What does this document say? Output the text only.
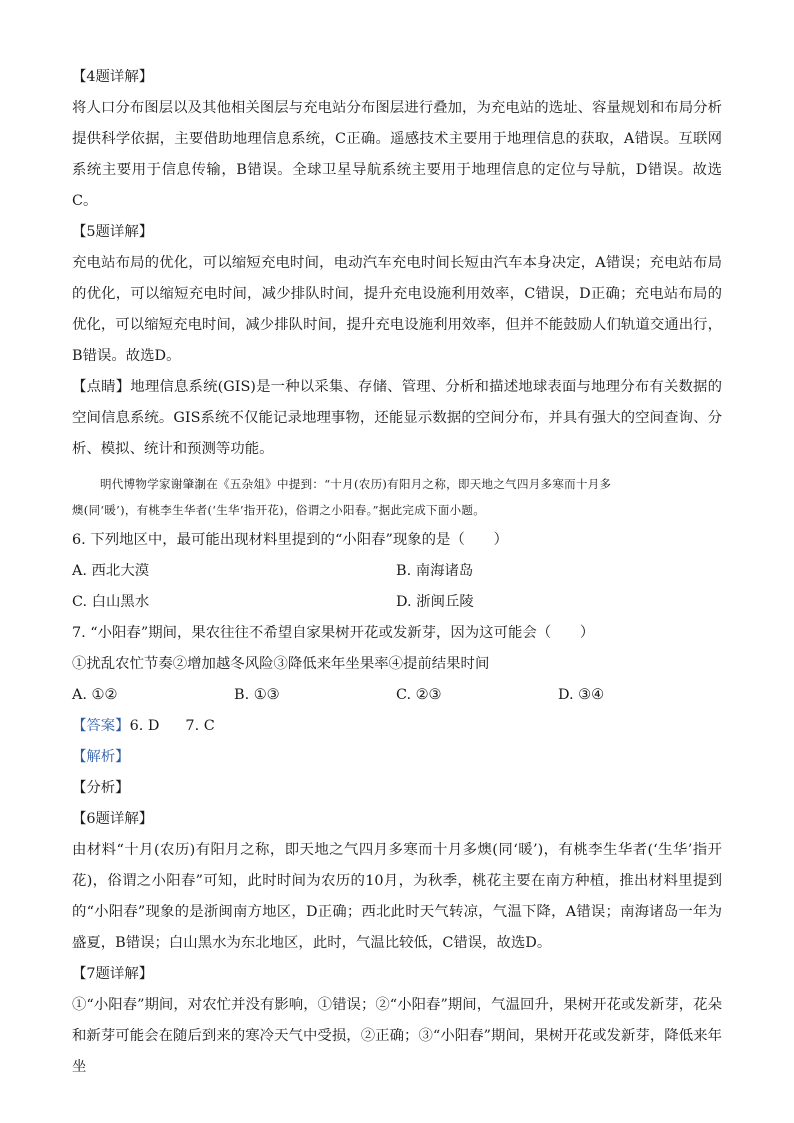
【4题详解】
将人口分布图层以及其他相关图层与充电站分布图层进行叠加，为充电站的选址、容量规划和布局分析提供科学依据，主要借助地理信息系统，C正确。遥感技术主要用于地理信息的获取，A错误。互联网系统主要用于信息传输，B错误。全球卫星导航系统主要用于地理信息的定位与导航，D错误。故选C。
【5题详解】
充电站布局的优化，可以缩短充电时间，电动汽车充电时间长短由汽车本身决定，A错误；充电站布局的优化，可以缩短充电时间，减少排队时间，提升充电设施利用效率，C错误，D正确；充电站布局的优化，可以缩短充电时间，减少排队时间，提升充电设施利用效率，但并不能鼓励人们轨道交通出行，B错误。故选D。
【点睛】地理信息系统(GIS)是一种以采集、存储、管理、分析和描述地球表面与地理分布有关数据的空间信息系统。GIS系统不仅能记录地理事物，还能显示数据的空间分布，并具有强大的空间查询、分析、模拟、统计和预测等功能。
明代博物学家谢肇淛在《五杂俎》中提到：“十月(农历)有阳月之称，即天地之气四月多寒而十月多
燠(同‘暖’)，有桃李生华者(‘生华’指开花)，俗谓之小阳春。”据此完成下面小题。
6. 下列地区中，最可能出现材料里提到的“小阳春”现象的是（　　）
A. 西北大漠	B. 南海诸岛
C. 白山黑水	D. 浙闽丘陵
7. “小阳春”期间，果农往往不希望自家果树开花或发新芽，因为这可能会（　　）
①扰乱农忙节奏②增加越冬风险③降低来年坐果率④提前结果时间
A. ①②	B. ①③	C. ②③	D. ③④
【答案】6. D 7. C
【解析】
【分析】
【6题详解】
由材料“十月(农历)有阳月之称，即天地之气四月多寒而十月多燠(同‘暖’)，有桃李生华者(‘生华’指开花)，俗谓之小阳春”可知，此时时间为农历的10月，为秋季，桃花主要在南方种植，推出材料里提到的“小阳春”现象的是浙闽南方地区，D正确；西北此时天气转凉，气温下降，A错误；南海诸岛一年为盛夏，B错误；白山黑水为东北地区，此时，气温比较低，C错误，故选D。
【7题详解】
①“小阳春”期间，对农忙并没有影响，①错误；②“小阳春”期间，气温回升，果树开花或发新芽，花朵和新芽可能会在随后到来的寒冷天气中受损，②正确；③“小阳春”期间，果树开花或发新芽，降低来年坐
